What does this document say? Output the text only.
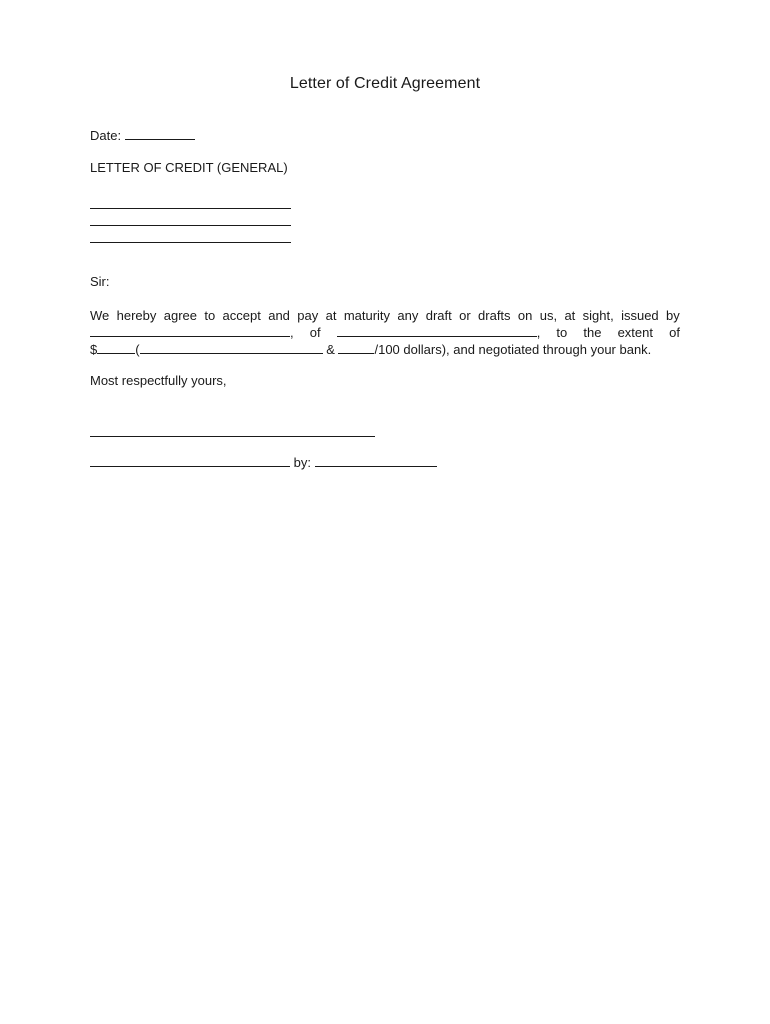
Letter of Credit Agreement
Date:
LETTER OF CREDIT (GENERAL)
Sir:
We hereby agree to accept and pay at maturity any draft or drafts on us, at sight, issued by
, of	, to the extent of
$	(	&	/100 dollars), and negotiated through your bank.
Most respectfully yours,
by:
